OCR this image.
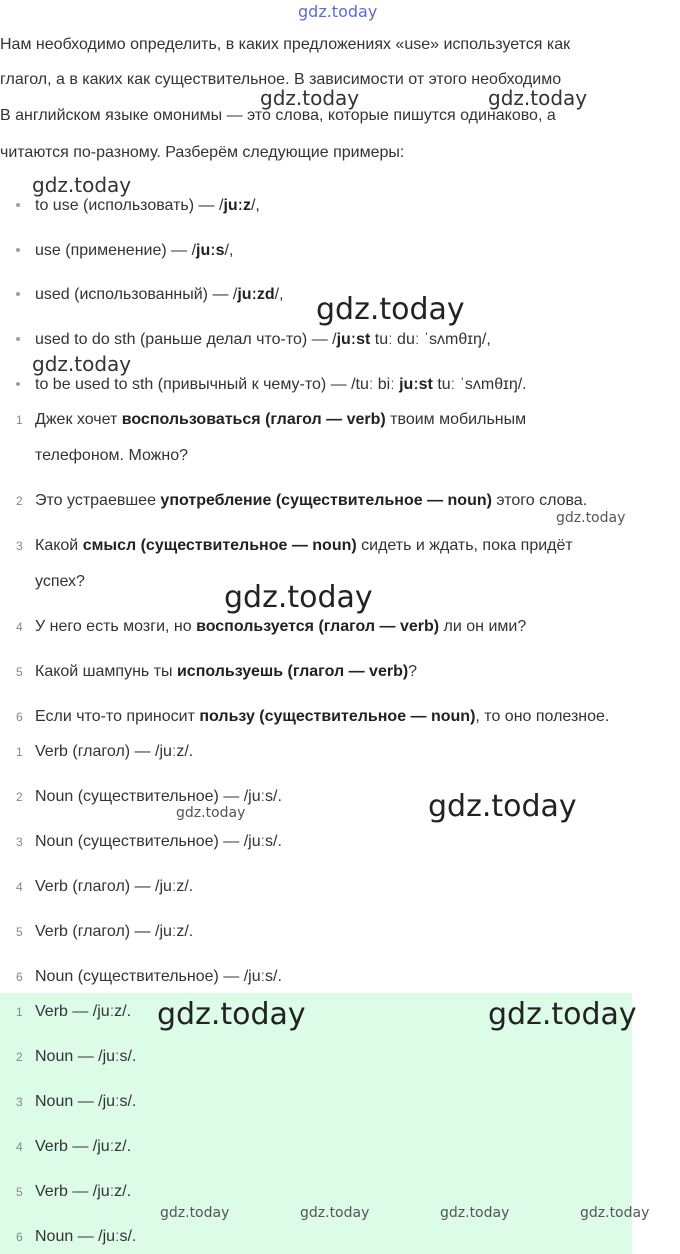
Нам необходимо определить, в каких предложениях «use» используется как
глагол, а в каких как существительное. В зависимости от этого необходимо
В английском языке омонимы — это слова, которые пишутся одинаково, а
читаются по-разному. Разберём следующие примеры:
to use (использовать) — /juːz/,
use (применение) — /juːs/,
used (использованный) — /juːzd/,
used to do sth (раньше делал что-то) — /juːst tuː duː ˈsʌmθɪŋ/,
to be used to sth (привычный к чему-то) — /tuː biː juːst tuː ˈsʌmθɪŋ/.
1 Джек хочет воспользоваться (глагол — verb) твоим мобильным
телефоном. Можно?
2 Это устраевшее употребление (существительное — noun) этого слова.
3 Какой смысл (существительное — noun) сидеть и ждать, пока придёт
успех?
4 У него есть мозги, но воспользуется (глагол — verb) ли он ими?
5 Какой шампунь ты используешь (глагол — verb)?
6 Если что-то приносит пользу (существительное — noun), то оно полезное.
1 Verb (глагол) — /juːz/.
2 Noun (существительное) — /juːs/.
3 Noun (существительное) — /juːs/.
4 Verb (глагол) — /juːz/.
5 Verb (глагол) — /juːz/.
6 Noun (существительное) — /juːs/.
1 Verb — /juːz/.
2 Noun — /juːs/.
3 Noun — /juːs/.
4 Verb — /juːz/.
5 Verb — /juːz/.
6 Noun — /juːs/.
gdz.today
gdz.today	gdz.today
gdz.today
gdz.today
gdz.today
gdz.today
gdz.today
gdz.today
gdz.today
gdz.today	gdz.today
gdz.today	gdz.today	gdz.today	gdz.today
